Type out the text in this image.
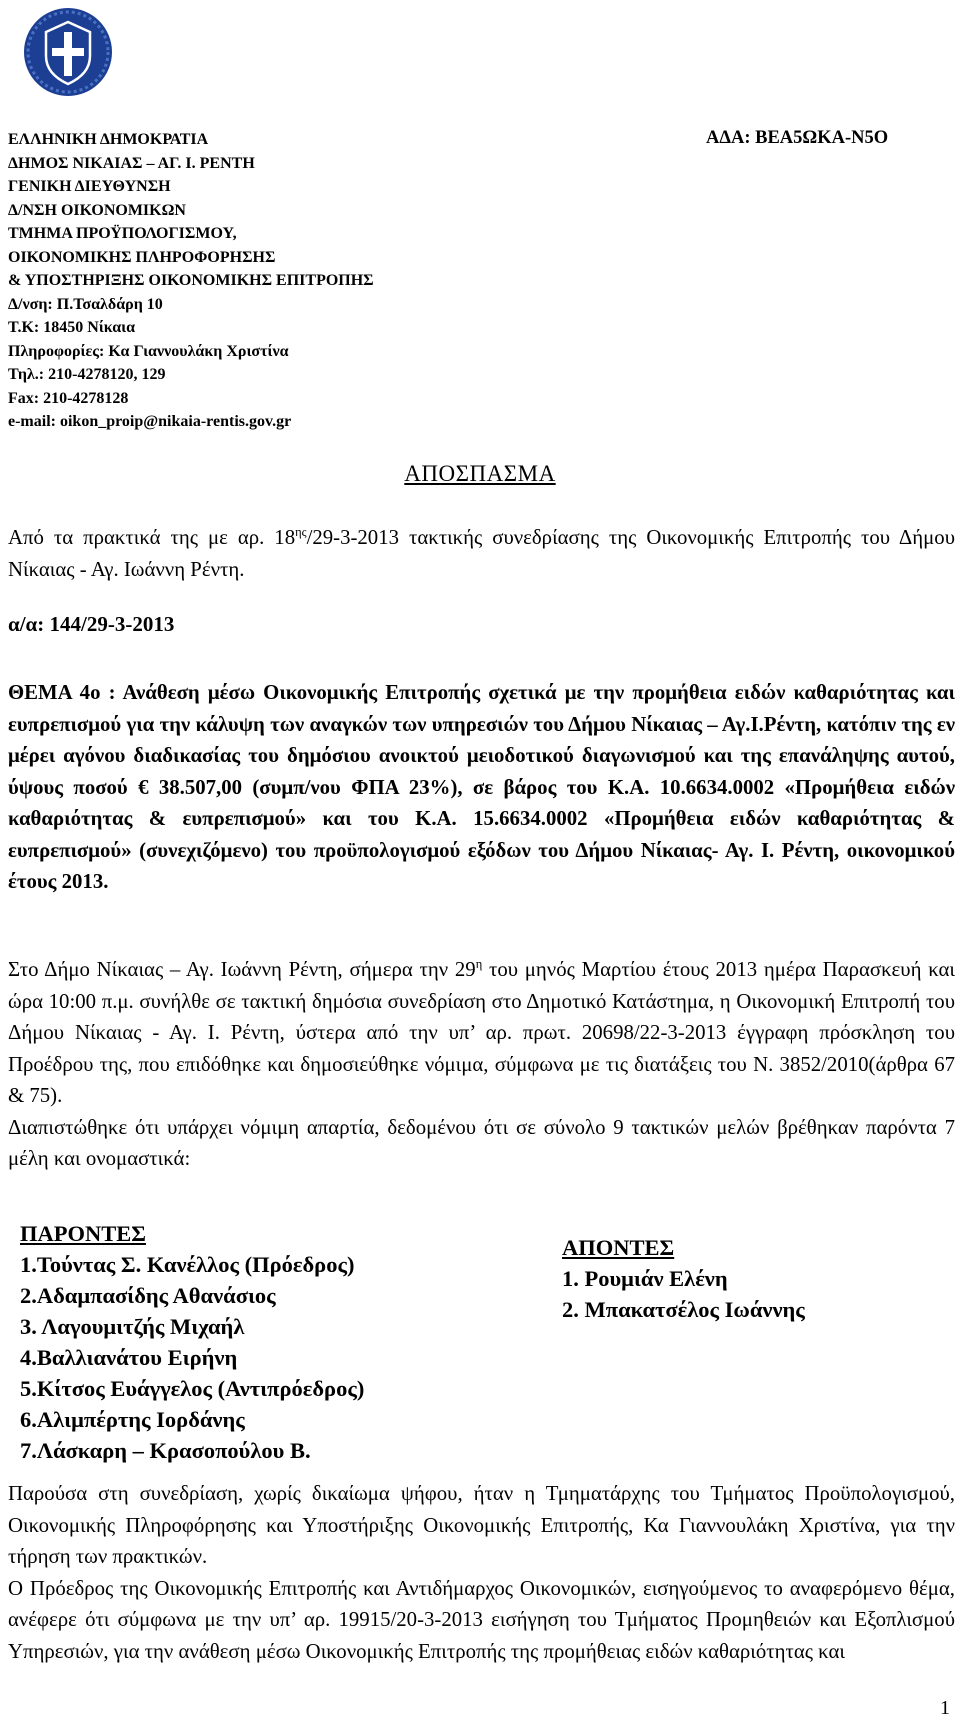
ΕΛΛΗΝΙΚΗ ΔΗΜΟΚΡΑΤΙΑ
ΔΗΜΟΣ ΝΙΚΑΙΑΣ – ΑΓ. Ι. ΡΕΝΤΗ
ΓΕΝΙΚΗ ΔΙΕΥΘΥΝΣΗ
Δ/ΝΣΗ ΟΙΚΟΝΟΜΙΚΩΝ
ΤΜΗΜΑ ΠΡΟΫΠΟΛΟΓΙΣΜΟΥ,
ΟΙΚΟΝΟΜΙΚΗΣ ΠΛΗΡΟΦΟΡΗΣΗΣ
& ΥΠΟΣΤΗΡΙΞΗΣ ΟΙΚΟΝΟΜΙΚΗΣ ΕΠΙΤΡΟΠΗΣ
Δ/νση: Π.Τσαλδάρη 10
Τ.Κ: 18450 Νίκαια
Πληροφορίες: Κα Γιαννουλάκη Χριστίνα
Τηλ.: 210-4278120, 129
Fax: 210-4278128
e-mail: oikon_proip@nikaia-rentis.gov.gr
ΑΔΑ: ΒΕΑ5ΩΚΑ-Ν5Ο
ΑΠΟΣΠΑΣΜΑ
Από τα πρακτικά της με αρ. $18^{\eta\varsigma}/29-3-2013$ τακτικής συνεδρίασης της Οικονομικής Επιτροπής του Δήμου Νίκαιας - Αγ. Ιωάννη Ρέντη.
α/α: 144/29-3-2013
ΘΕΜΑ 4ο : Ανάθεση μέσω Οικονομικής Επιτροπής σχετικά με την προμήθεια ειδών καθαριότητας και ευπρεπισμού για την κάλυψη των αναγκών των υπηρεσιών του Δήμου Νίκαιας – Αγ.Ι.Ρέντη, κατόπιν της εν μέρει αγόνου διαδικασίας του δημόσιου ανοικτού μειοδοτικού διαγωνισμού και της επανάληψης αυτού, ύψους ποσού € 38.507,00 (συμπ/νου ΦΠΑ 23%), σε βάρος του Κ.Α. 10.6634.0002 «Προμήθεια ειδών καθαριότητας & ευπρεπισμού» και του Κ.Α. 15.6634.0002 «Προμήθεια ειδών καθαριότητας & ευπρεπισμού» (συνεχιζόμενο) του προϋπολογισμού εξόδων του Δήμου Νίκαιας- Αγ. Ι. Ρέντη, οικονομικού έτους 2013.
Στο Δήμο Νίκαιας – Αγ. Ιωάννη Ρέντη, σήμερα την $29^\eta$ του μηνός Μαρτίου έτους 2013 ημέρα Παρασκευή και ώρα 10:00 π.μ. συνήλθε σε τακτική δημόσια συνεδρίαση στο Δημοτικό Κατάστημα, η Οικονομική Επιτροπή του Δήμου Νίκαιας - Αγ. Ι. Ρέντη, ύστερα από την υπ’ αρ. πρωτ. 20698/22-3-2013 έγγραφη πρόσκληση του Προέδρου της, που επιδόθηκε και δημοσιεύθηκε νόμιμα, σύμφωνα με τις διατάξεις του Ν. 3852/2010(άρθρα 67 & 75).
Διαπιστώθηκε ότι υπάρχει νόμιμη απαρτία, δεδομένου ότι σε σύνολο 9 τακτικών μελών βρέθηκαν παρόντα 7 μέλη και ονομαστικά:
ΠΑΡΟΝΤΕΣ
1.Τούντας Σ. Κανέλλος (Πρόεδρος)
2.Αδαμπασίδης Αθανάσιος
3. Λαγουμιτζής Μιχαήλ
4.Βαλλιανάτου Ειρήνη
5.Κίτσος Ευάγγελος (Αντιπρόεδρος)
6.Αλιμπέρτης Ιορδάνης
7.Λάσκαρη – Κρασοπούλου Β.
ΑΠΟΝΤΕΣ
1. Ρουμιάν Ελένη
2. Μπακατσέλος Ιωάννης
Παρούσα στη συνεδρίαση, χωρίς δικαίωμα ψήφου, ήταν η Τμηματάρχης του Τμήματος Προϋπολογισμού, Οικονομικής Πληροφόρησης και Υποστήριξης Οικονομικής Επιτροπής, Κα Γιαννουλάκη Χριστίνα, για την τήρηση των πρακτικών.
Ο Πρόεδρος της Οικονομικής Επιτροπής και Αντιδήμαρχος Οικονομικών, εισηγούμενος το αναφερόμενο θέμα, ανέφερε ότι σύμφωνα με την υπ’ αρ. 19915/20-3-2013 εισήγηση του Τμήματος Προμηθειών και Εξοπλισμού Υπηρεσιών, για την ανάθεση μέσω Οικονομικής Επιτροπής της προμήθειας ειδών καθαριότητας και
1
